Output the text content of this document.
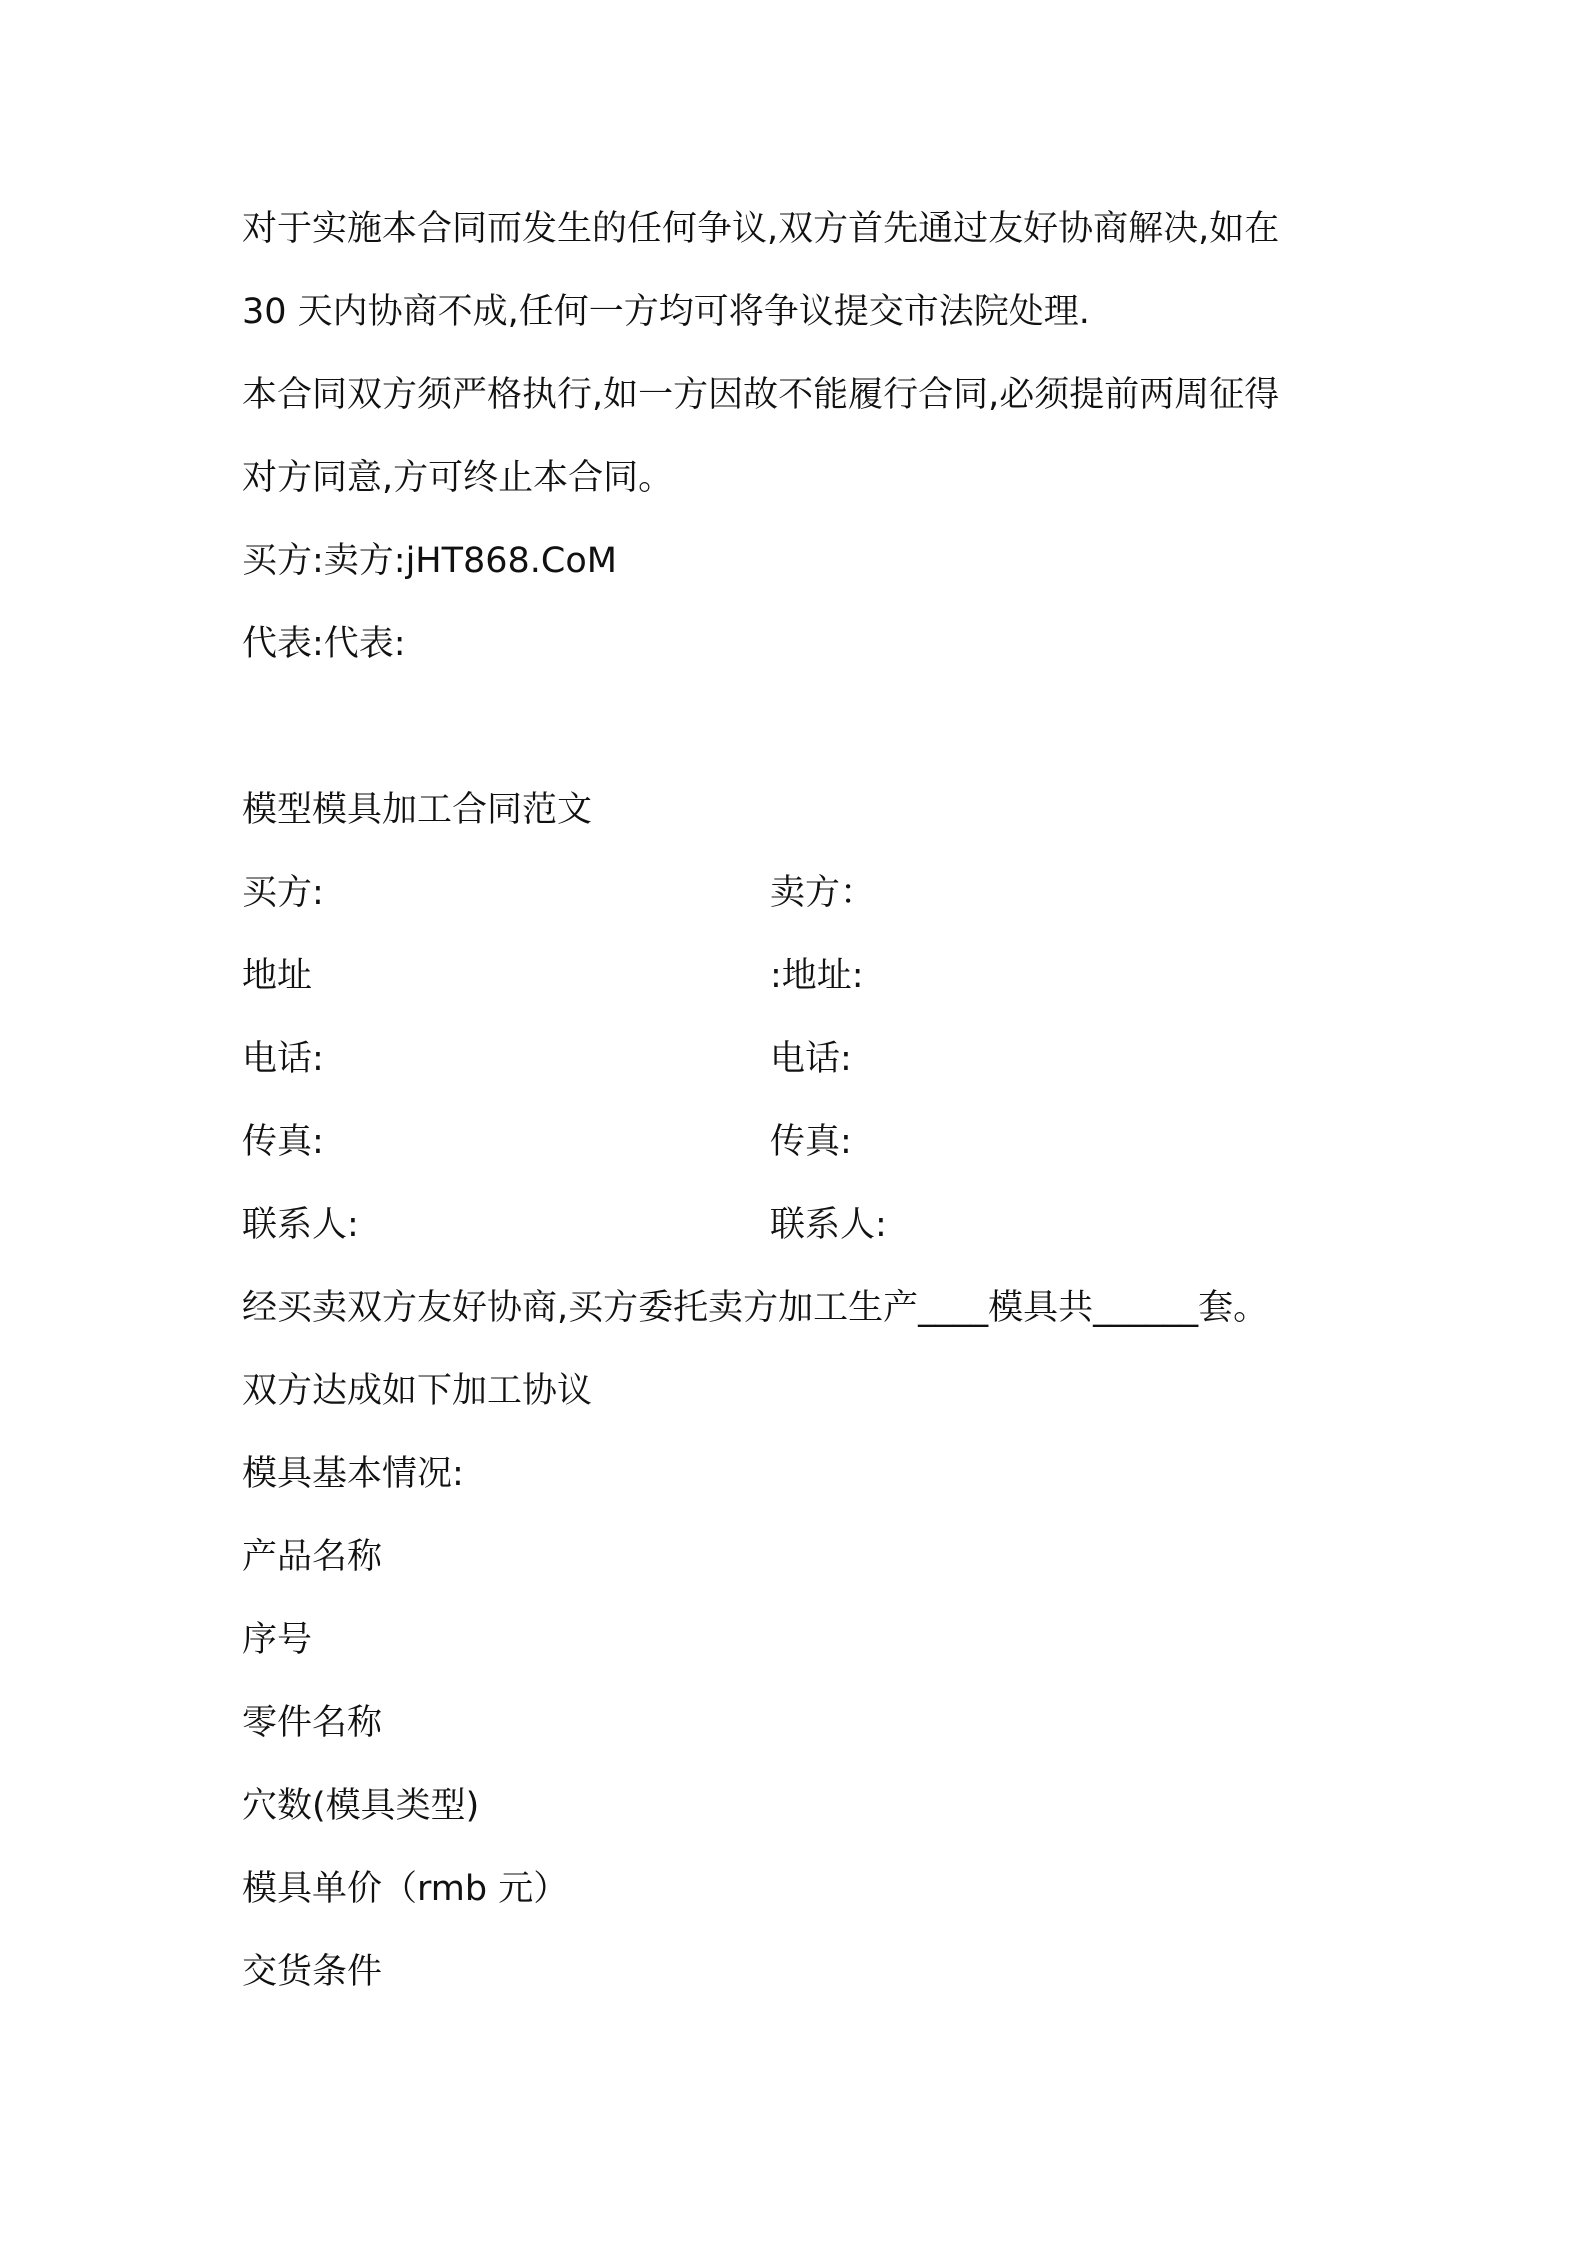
对于实施本合同而发生的任何争议,双方首先通过友好协商解决,如在

30 天内协商不成,任何一方均可将争议提交市法院处理.

本合同双方须严格执行,如一方因故不能履行合同,必须提前两周征得

对方同意,方可终止本合同。

买方:卖方:jHT868.CoM

代表:代表:

模型模具加工合同范文

买方:	卖方：

地址	:地址:

电话:	电话:

传真:	传真:

联系人:	联系人:

经买卖双方友好协商,买方委托卖方加工生产____模具共______套。

双方达成如下加工协议

模具基本情况:

产品名称

序号

零件名称

穴数(模具类型)

模具单价（rmb 元）

交货条件
